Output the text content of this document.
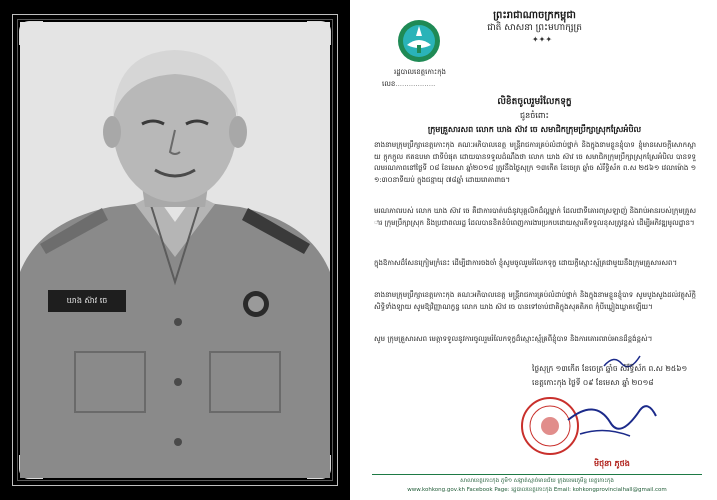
ឃាង ស៊ាវ ចេ
ព្រះរាជាណាចក្រកម្ពុជា
ជាតិ សាសនា ព្រះមហាក្សត្រ
✦✦✦
រដ្ឋបាលខេត្តកោះកុង
លេខ..................
លិខិតចូលរួមរំលែកទុក្ខ
ជូនចំពោះ
ក្រុមគ្រួសារសព លោក ឃាង ស៊ាវ ចេ សមាជិកក្រុមប្រឹក្សាស្រុកស្រែអំបិល
ខាងនាមក្រុមប្រឹក្សាខេត្តកោះកុង គណៈអភិបាលខេត្ត មន្ត្រីរាជការគ្រប់លំដាប់ថ្នាក់ និងក្នុងនាមខ្លួនខ្ញុំបាទ ខ្ញុំមានសេចក្តីសោកស្តាយ ក្តុកក្តួល ឥតឧបមា ជាទីបំផុត ដោយបានទទួលដំណឹងថា លោក ឃាង ស៊ាវ ចេ សមាជិកក្រុមប្រឹក្សាស្រុកស្រែអំបិល បានទទួលមរណភាពនៅថ្ងៃទី ០៨ ខែមេសា ឆ្នាំ២០១៨ ត្រូវនឹងថ្ងៃសុក្រ ១៣កើត ខែចេត្រ ឆ្នាំច សំរឹទ្ធិស័ក ព.ស ២៥៦១ វេលាម៉ោង ១១:៣០នាទីយប់ ក្នុងជន្មាយុ ៧៨ឆ្នាំ ដោយរោគាពាធ។
មរណភាពរបស់ លោក ឃាង ស៊ាវ ចេ គឺជាការបាត់បង់នូវបុគ្គលិកដ៏ល្អម្នាក់ ដែលជាទីគោរពស្រឡាញ់ និងរាប់អានរបស់ក្រុមគ្រួសារ ក្រុមប្រឹក្សាស្រុក និងប្រជាពលរដ្ឋ ដែលបានខិតខំបំពេញការងារប្រកបដោយស្មារតីទទួលខុសត្រូវខ្ពស់ ដើម្បីអភិវឌ្ឍមូលដ្ឋាន។
ក្នុងឱកាសដ៏សែនក្រៀមក្រំនេះ ដើម្បីជាការចងចាំ ខ្ញុំសូមចូលរួមរំលែកទុក្ខ ដោយក្តីស្មោះស្ម័គ្រជាមួយនឹងក្រុមគ្រួសារសព។
ខាងនាមក្រុមប្រឹក្សាខេត្តកោះកុង គណៈអភិបាលខេត្ត មន្ត្រីរាជការគ្រប់លំដាប់ថ្នាក់ និងក្នុងនាមខ្លួនខ្ញុំបាទ សូមបួងសួងដល់វត្ថុស័ក្តិសិទ្ធិទាំងឡាយ សូមឱ្យវិញ្ញាណក្ខន្ធ លោក ឃាង ស៊ាវ ចេ បានទៅចាប់ជាតិក្នុងសុគតិភព កុំបីឃ្លៀងឃ្លាតឡើយ។
សូម ក្រុមគ្រួសារសព មេត្តាទទួលនូវការចូលរួមរំលែកទុក្ខដ៏ស្មោះស្ម័គ្រពីខ្ញុំបាទ និងការគោរពរាប់អានដ៏ខ្ពង់ខ្ពស់។
ថ្ងៃសុក្រ ១៣កើត ខែចេត្រ ឆ្នាំច សំរឹទ្ធិស័ក ព.ស ២៥៦១
ខេត្តកោះកុង ថ្ងៃទី ០៩ ខែមេសា ឆ្នាំ ២០១៨
មិថុនា ភូថង
សាលាខេត្តកោះកុង ភូមិ១ សង្កាត់ស្មាច់មានជ័យ ក្រុងខេមរភូមិន្ទ ខេត្តកោះកុង
www.kohkong.gov.kh Facebook Page: រដ្ឋបាលខេត្តកោះកុង Email: kohkongprovincialhall@gmail.com
